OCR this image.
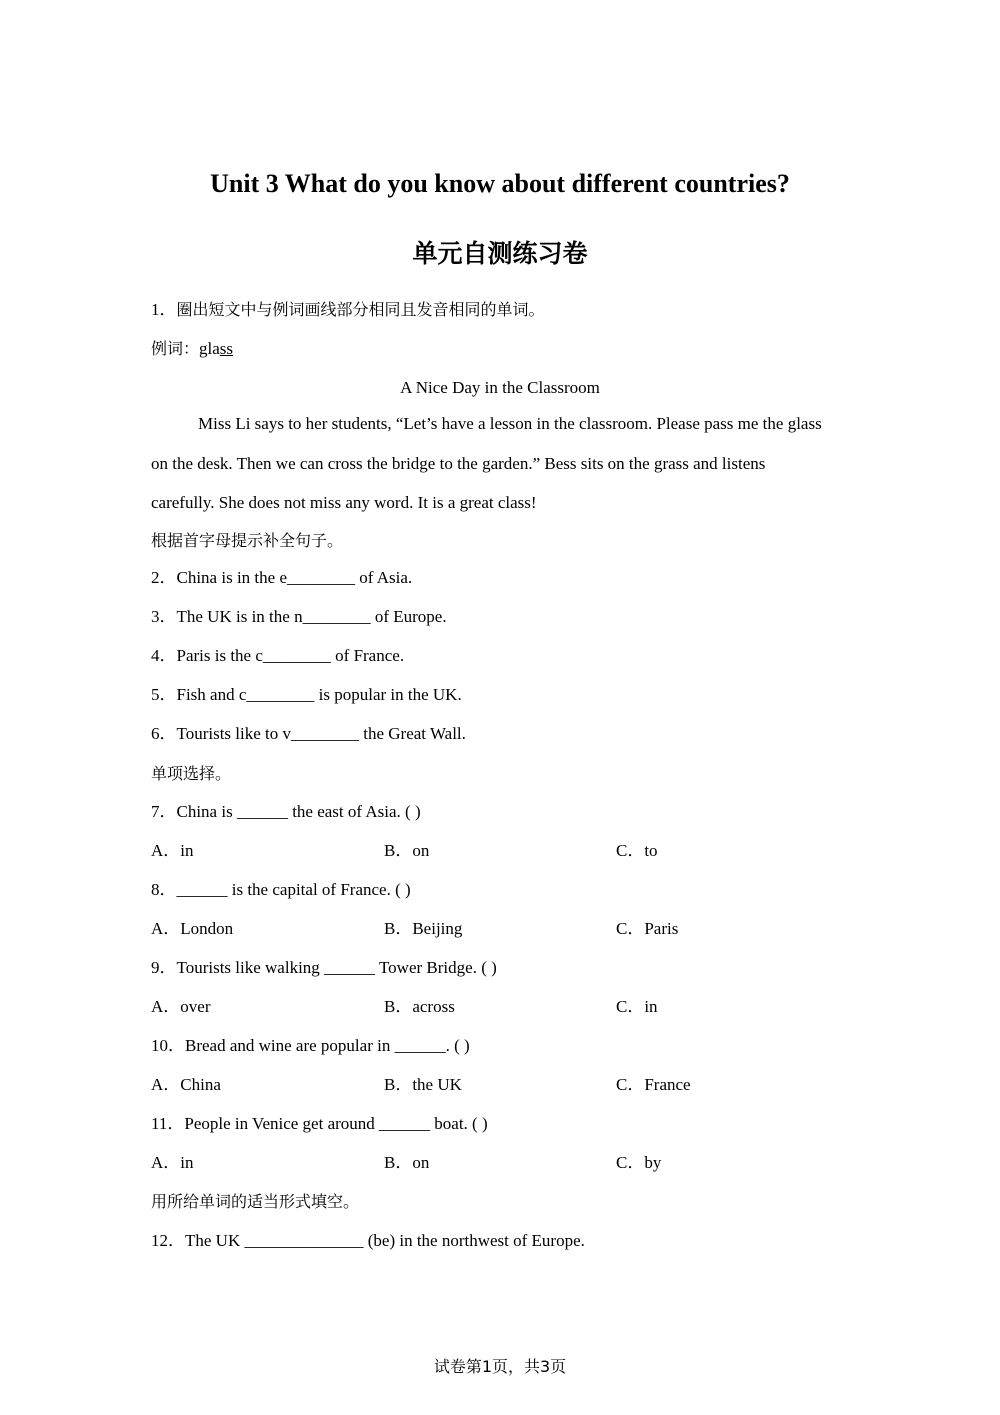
Unit 3 What do you know about different countries?
单元自测练习卷
1．圈出短文中与例词画线部分相同且发音相同的单词。
例词：glass
A Nice Day in the Classroom
Miss Li says to her students, “Let’s have a lesson in the classroom. Please pass me the glass
on the desk. Then we can cross the bridge to the garden.” Bess sits on the grass and listens
carefully. She does not miss any word. It is a great class!
根据首字母提示补全句子。
2．China is in the e________ of Asia.
3．The UK is in the n________ of Europe.
4．Paris is the c________ of France.
5．Fish and c________ is popular in the UK.
6．Tourists like to v________ the Great Wall.
单项选择。
7．China is ______ the east of Asia. ( )
A．in	B．on	C．to
8．______ is the capital of France. ( )
A．London	B．Beijing	C．Paris
9．Tourists like walking ______ Tower Bridge. ( )
A．over	B．across	C．in
10．Bread and wine are popular in ______. ( )
A．China	B．the UK	C．France
11．People in Venice get around ______ boat. ( )
A．in	B．on	C．by
用所给单词的适当形式填空。
12．The UK ______________ (be) in the northwest of Europe.
试卷第1页，共3页
